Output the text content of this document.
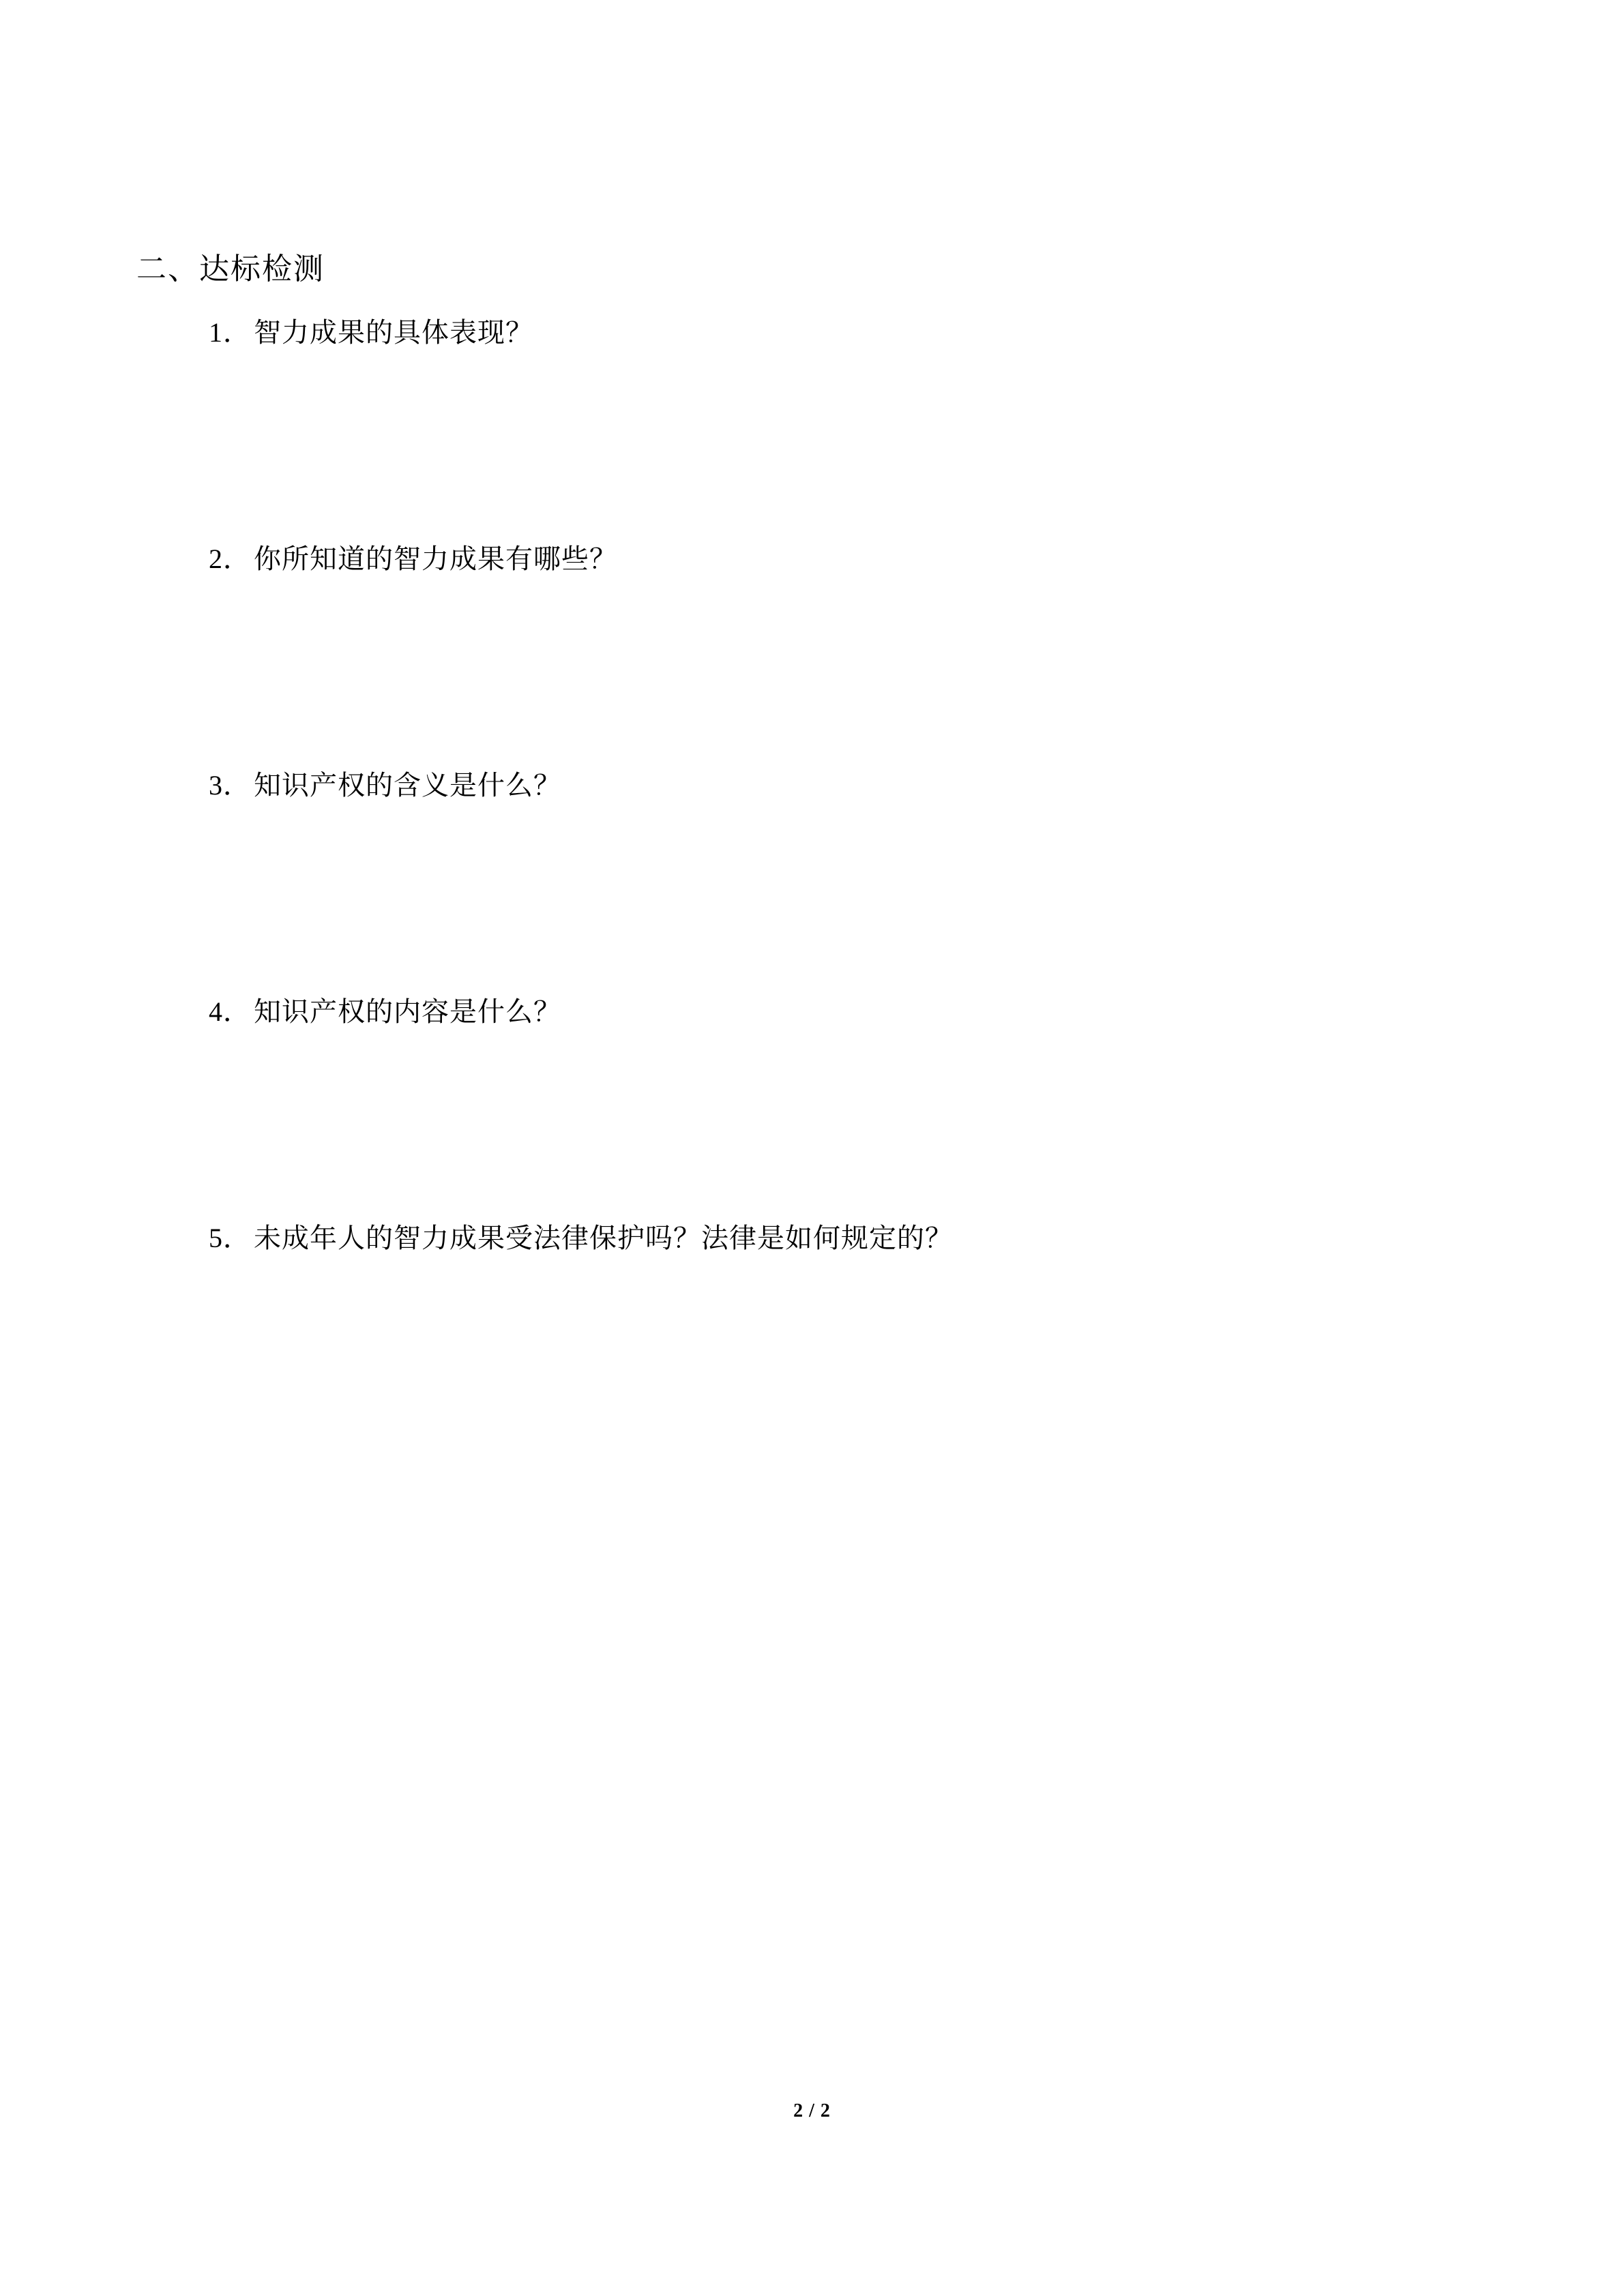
二、达标检测
1． 智力成果的具体表现？
2． 你所知道的智力成果有哪些？
3． 知识产权的含义是什么？
4． 知识产权的内容是什么？
5． 未成年人的智力成果受法律保护吗？法律是如何规定的？
2 / 2
